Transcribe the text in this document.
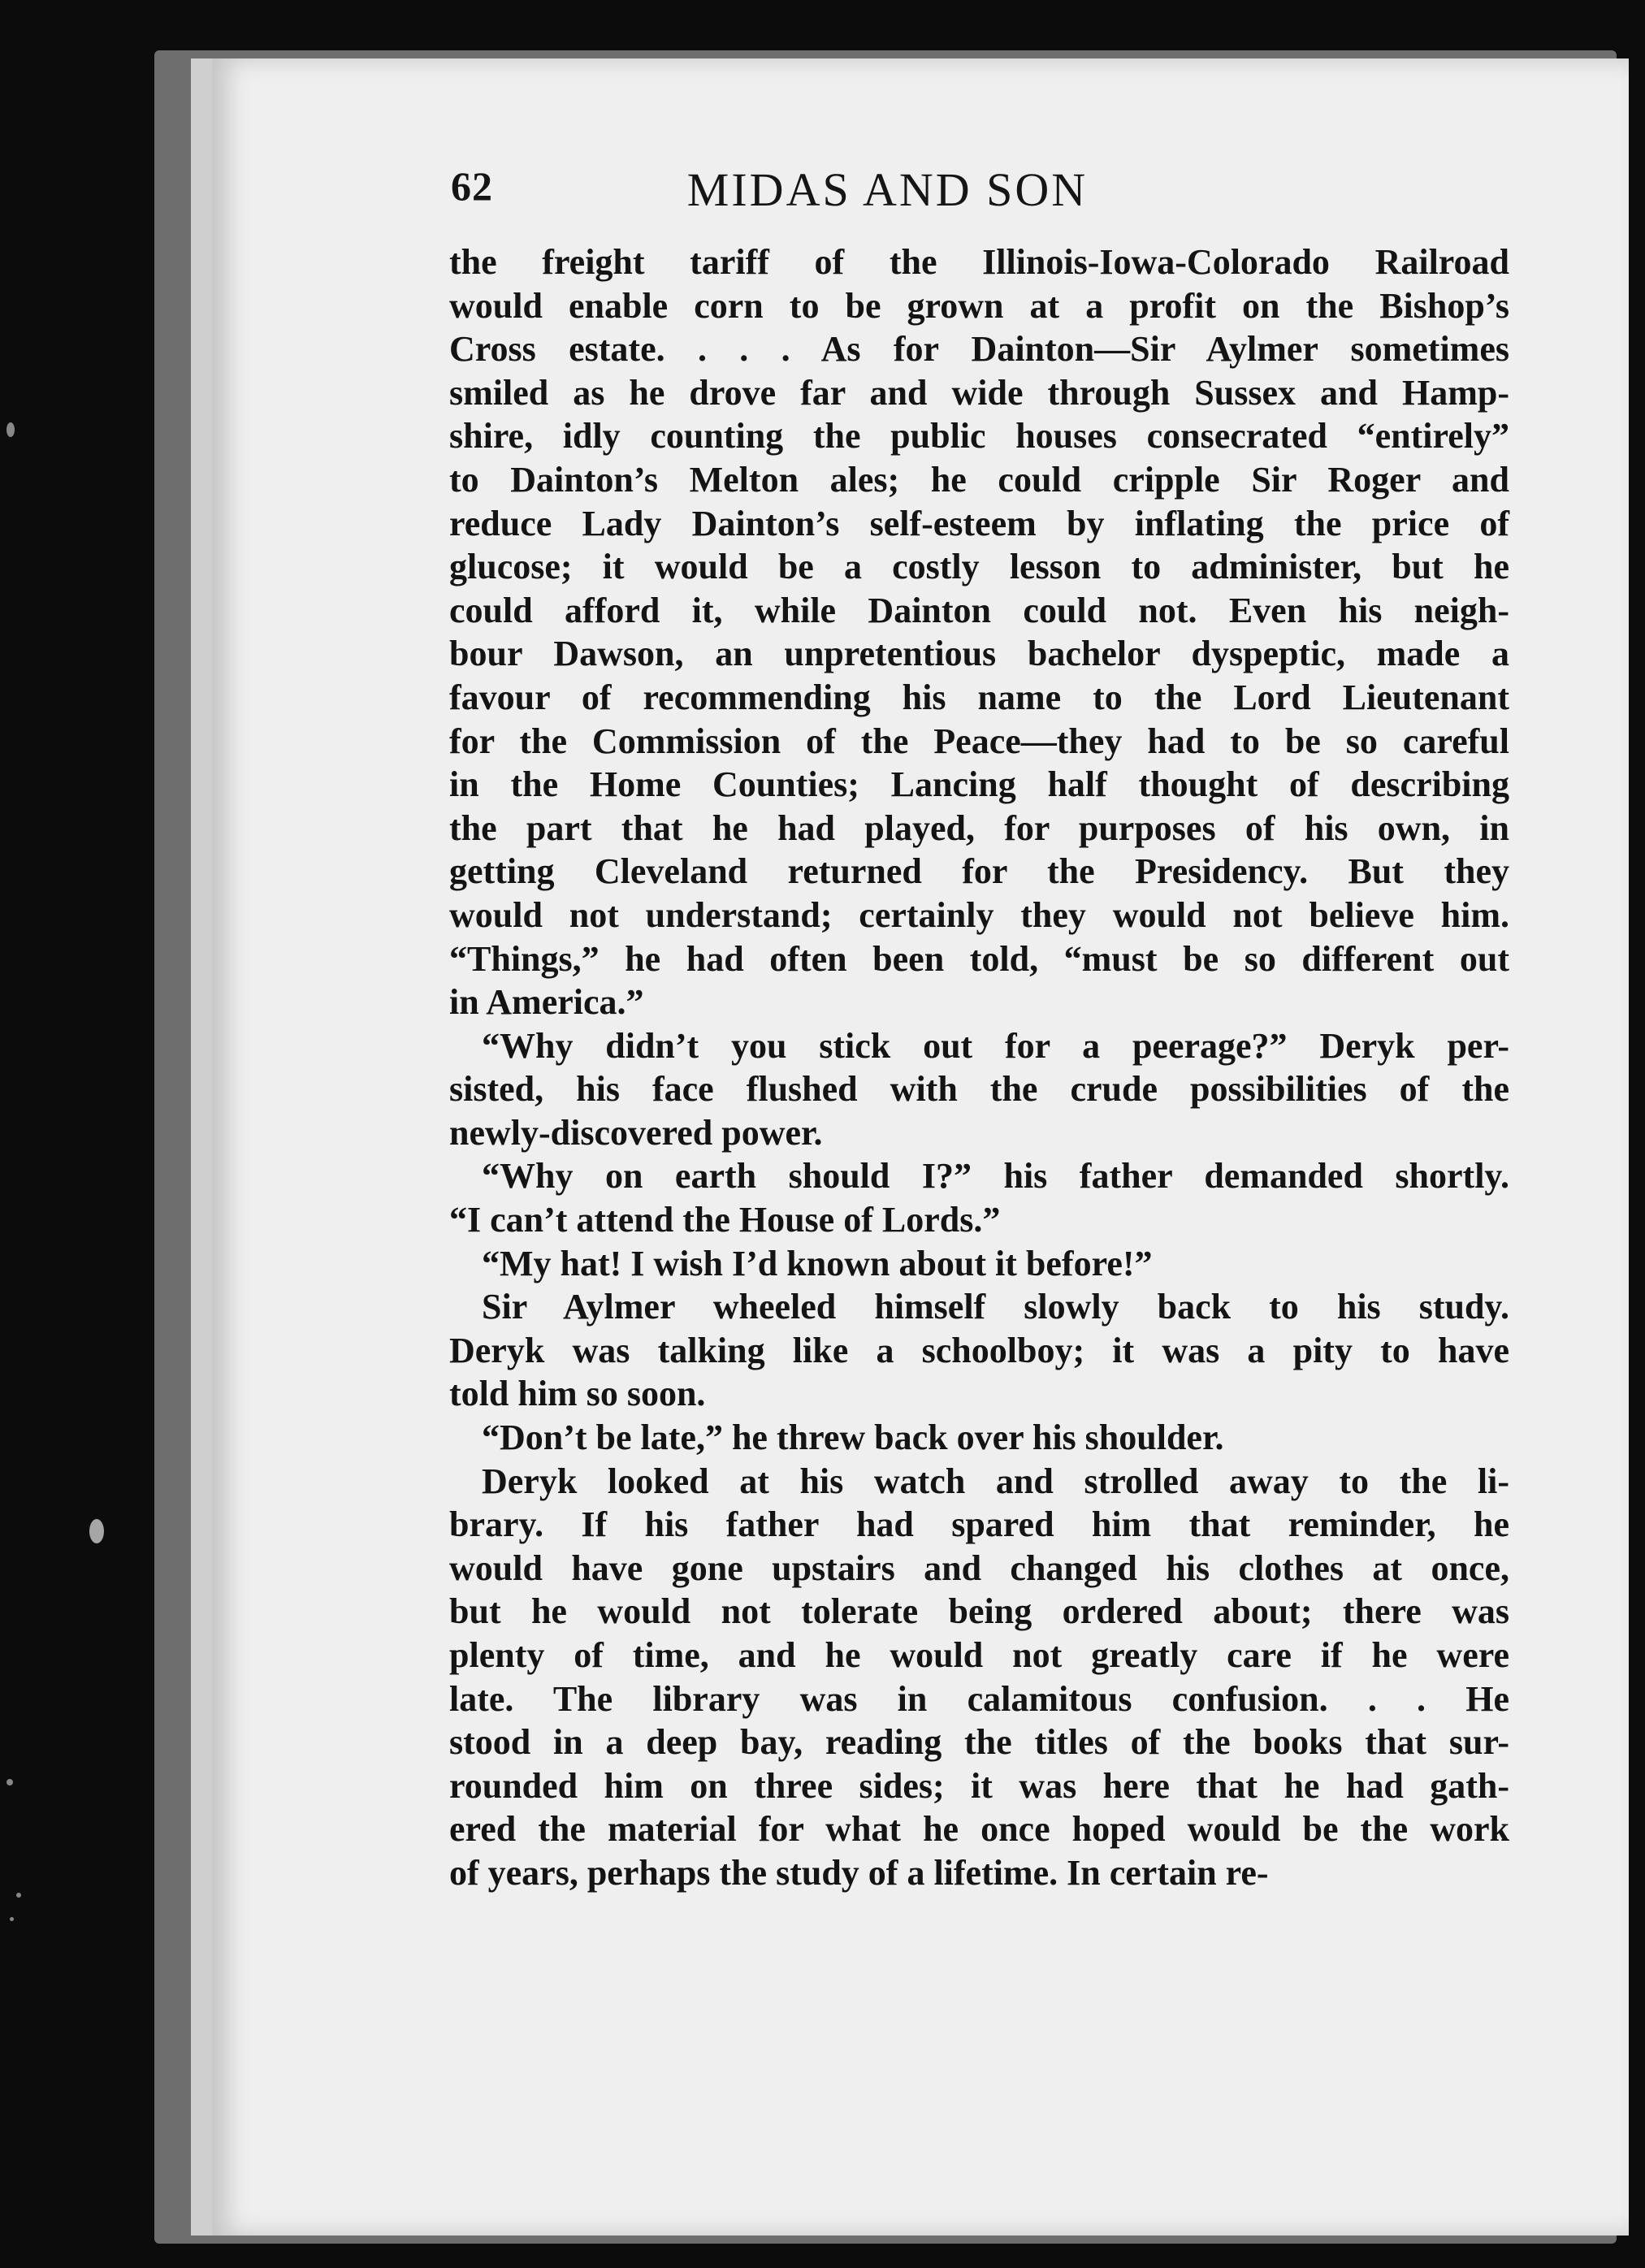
62	MIDAS AND SON

the freight tariff of the Illinois-Iowa-Colorado Railroad
would enable corn to be grown at a profit on the Bishop’s
Cross estate. . . . As for Dainton—Sir Aylmer sometimes
smiled as he drove far and wide through Sussex and Hamp-
shire, idly counting the public houses consecrated “entirely”
to Dainton’s Melton ales; he could cripple Sir Roger and
reduce Lady Dainton’s self-esteem by inflating the price of
glucose; it would be a costly lesson to administer, but he
could afford it, while Dainton could not. Even his neigh-
bour Dawson, an unpretentious bachelor dyspeptic, made a
favour of recommending his name to the Lord Lieutenant
for the Commission of the Peace—they had to be so careful
in the Home Counties; Lancing half thought of describing
the part that he had played, for purposes of his own, in
getting Cleveland returned for the Presidency. But they
would not understand; certainly they would not believe him.
“Things,” he had often been told, “must be so different out
in America.”

“Why didn’t you stick out for a peerage?” Deryk per-
sisted, his face flushed with the crude possibilities of the
newly-discovered power.

“Why on earth should I?” his father demanded shortly.
“I can’t attend the House of Lords.”

“My hat! I wish I’d known about it before!”

Sir Aylmer wheeled himself slowly back to his study.
Deryk was talking like a schoolboy; it was a pity to have
told him so soon.

“Don’t be late,” he threw back over his shoulder.

Deryk looked at his watch and strolled away to the li-
brary. If his father had spared him that reminder, he
would have gone upstairs and changed his clothes at once,
but he would not tolerate being ordered about; there was
plenty of time, and he would not greatly care if he were
late. The library was in calamitous confusion. . . He
stood in a deep bay, reading the titles of the books that sur-
rounded him on three sides; it was here that he had gath-
ered the material for what he once hoped would be the work
of years, perhaps the study of a lifetime. In certain re-
